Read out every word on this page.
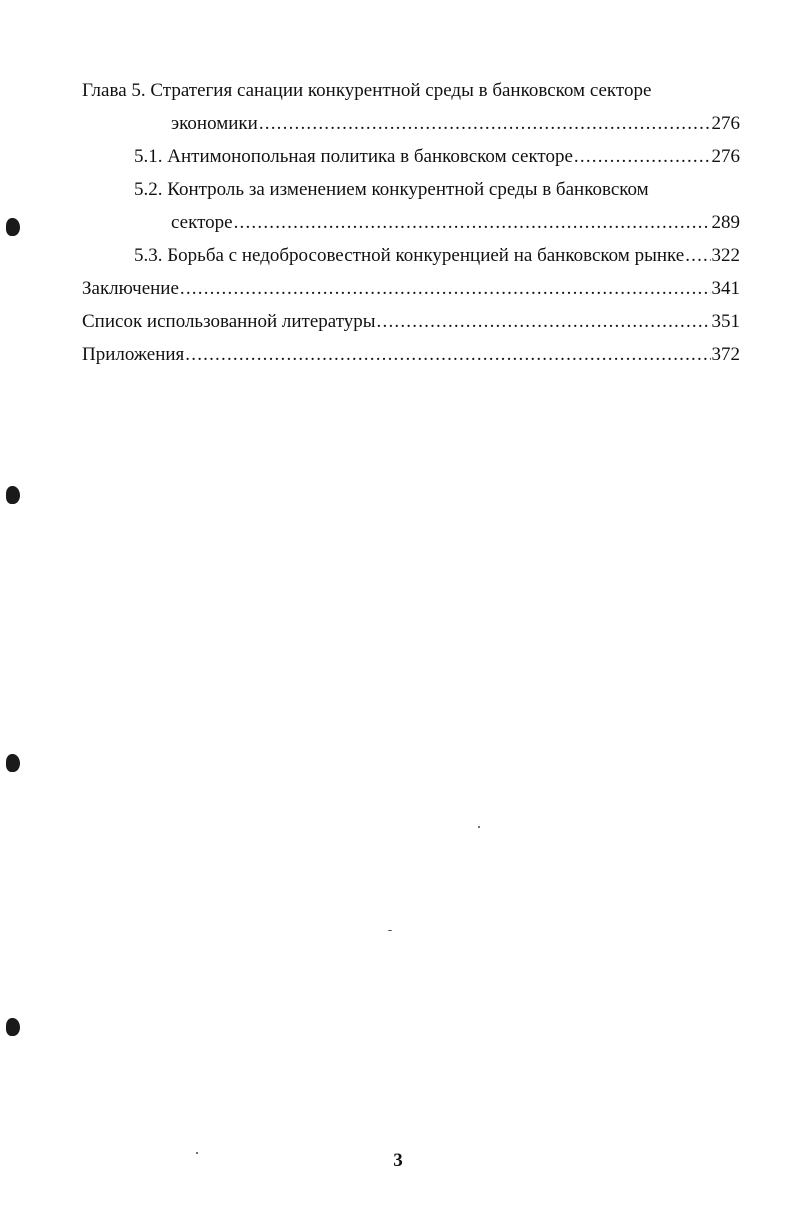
Глава 5. Стратегия санации конкурентной среды в банковском секторе
экономики .....	276
5.1. Антимонопольная политика в банковском секторе .....	276
5.2. Контроль за изменением конкурентной среды в банковском
секторе .....	289
5.3. Борьба с недобросовестной конкуренцией на банковском рынке ..... 322
Заключение .....	341
Список использованной литературы .....	351
Приложения .....	372
3
